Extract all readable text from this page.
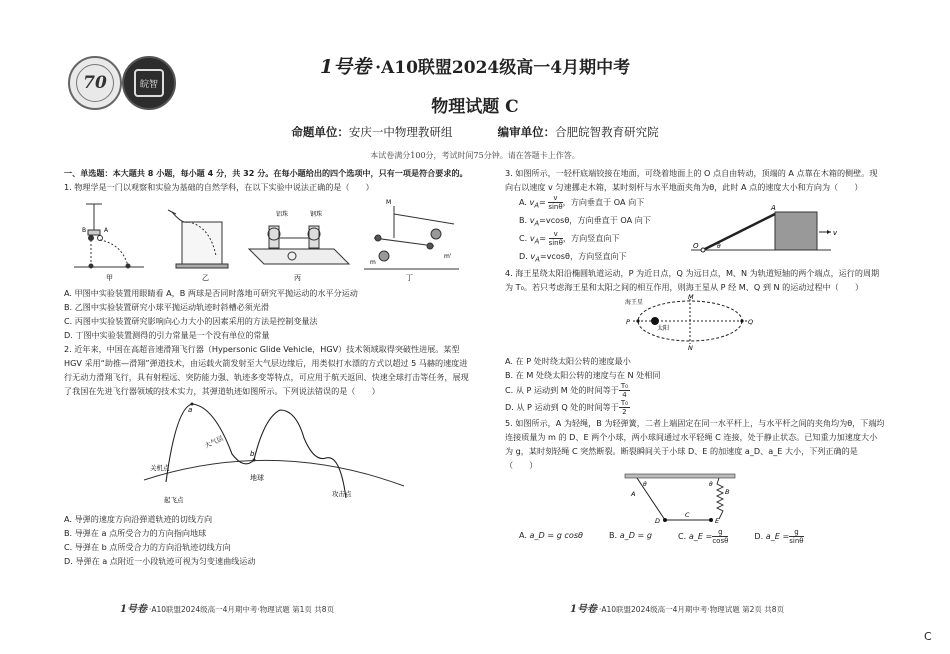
70	皖智
1号卷 ·A10联盟2024级高一4月期中考
物理试题 C
命题单位：安庆一中物理教研组	编审单位：合肥皖智教育研究院
本试卷满分100分，考试时间75分钟。请在答题卡上作答。

一、单选题：本大题共 8 小题，每小题 4 分，共 32 分。在每小题给出的四个选项中，只有一项是符合要求的。

1. 物理学是一门以观察和实验为基础的自然学科，在以下实验中说法正确的是（　　）

B	A
铝珠	钢珠
M
m
m'
甲	乙	丙	丁

A. 甲图中实验装置用眼睛看 A，B 两球是否同时落地可研究平抛运动的水平分运动

B. 乙图中实验装置研究小球平抛运动轨迹时斜槽必须光滑

C. 丙图中实验装置研究影响向心力大小的因素采用的方法是控制变量法

D. 丁图中实验装置测得的引力常量是一个没有单位的常量

2. 近年来，中国在高超音速滑翔飞行器（Hypersonic Glide Vehicle，HGV）技术领域取得突破性进展。某型 HGV 采用“助推—滑翔”弹道技术，由运载火箭发射至大气层边缘后，用类似打水漂的方式以超过 5 马赫的速度进行无动力滑翔飞行，具有射程远、突防能力强、轨迹多变等特点，可应用于航天返回、快速全球打击等任务，展现了我国在先进飞行器领域的技术实力，其弹道轨迹如图所示。下列说法错误的是（　　）

a
b
大气层
地球
关机点
起飞点
攻击点

A. 导弹的速度方向沿弹道轨迹的切线方向

B. 导弹在 a 点所受合力的方向指向地球

C. 导弹在 b 点所受合力的方向沿轨迹切线方向

D. 导弹在 a 点附近一小段轨迹可视为匀变速曲线运动

3. 如图所示，一轻杆底端铰接在地面，可绕着地面上的 O 点自由转动，顶端的 A 点靠在木箱的侧壁。现向右以速度 v 匀速挪走木箱，某时刻杆与水平地面夹角为θ，此时 A 点的速度大小和方向为（　　）

A. $v_A= \frac{v}{\sin\theta}$ ，方向垂直于 OA 向下

B. $v_A=vcos\theta$，方向垂直于 OA 向下

C. $v_A= \frac{v}{\sin\theta}$ ，方向竖直向下

D. $v_A=vcos\theta$，方向竖直向下

A
O	θ
v

4. 海王星绕太阳沿椭圆轨道运动，P 为近日点，Q 为远日点，M、N 为轨道短轴的两个端点，运行的周期为 T₀。若只考虑海王星和太阳之间的相互作用，则海王星从 P 经 M、Q 到 N 的运动过程中（　　）

海王星
太阳
M
N
P	Q

A. 在 P 处时绕太阳公转的速度最小

B. 在 M 处绕太阳公转的速度与在 N 处相同

C. 从 P 运动到 M 处的时间等于 $\frac{\text{T₀}}{4}$

D. 从 P 运动到 Q 处的时间等于 $\frac{\text{T₀}}{2}$

5. 如图所示，A 为轻绳，B 为轻弹簧，二者上端固定在同一水平杆上，与水平杆之间的夹角均为θ，下端均连接质量为 m 的 D、E 两个小球，两小球间通过水平轻绳 C 连接，处于静止状态。已知重力加速度大小为 g，某时刻轻绳 C 突然断裂。断裂瞬间关于小球 D、E 的加速度 a_D、a_E 大小，下列正确的是（　　）

A	B
C
D	E
θ	θ
A. a_D = g cosθ	B. a_D = g	C. a_E = $\frac{g}{\cos\theta}$	D. a_E = $\frac{g}{\sin\theta}$
1号卷 ·A10联盟2024级高一4月期中考·物理试题 第1页 共8页	1号卷 ·A10联盟2024级高一4月期中考·物理试题 第2页 共8页
C
